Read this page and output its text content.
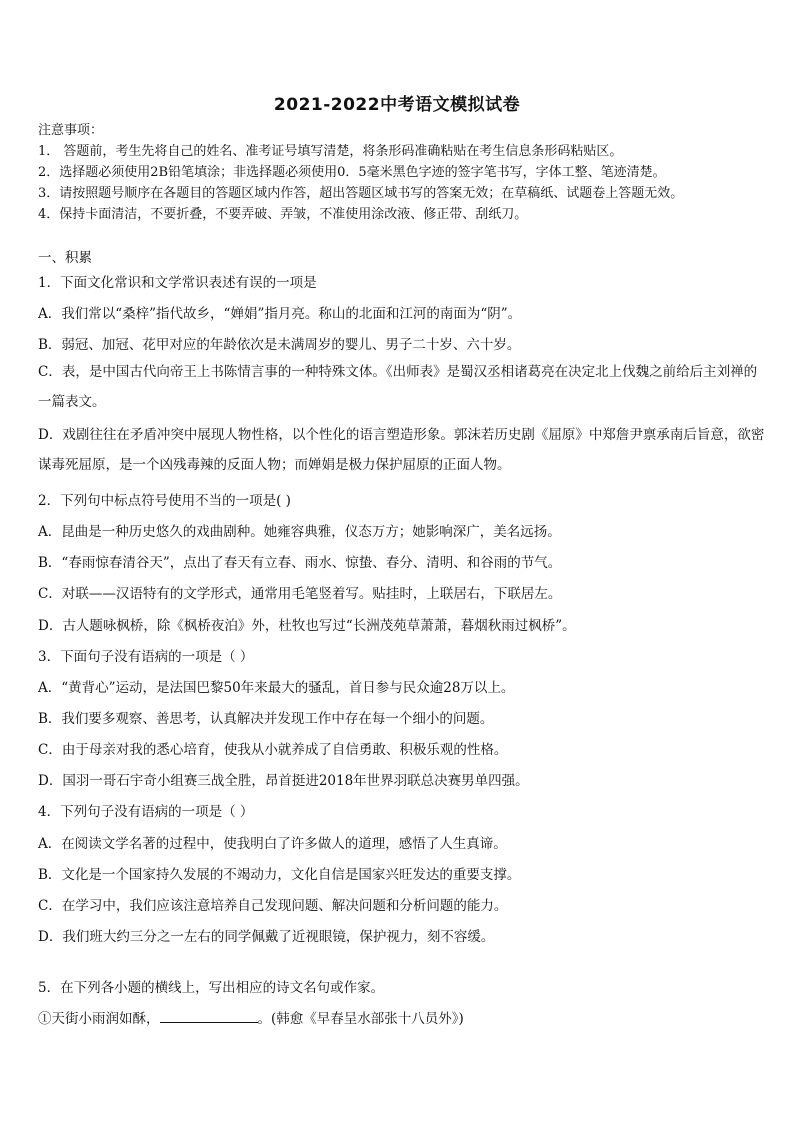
2021-2022中考语文模拟试卷
注意事项：
1． 答题前，考生先将自己的姓名、准考证号填写清楚，将条形码准确粘贴在考生信息条形码粘贴区。
2．选择题必须使用2B铅笔填涂；非选择题必须使用0．5毫米黑色字迹的签字笔书写，字体工整、笔迹清楚。
3．请按照题号顺序在各题目的答题区域内作答，超出答题区域书写的答案无效；在草稿纸、试题卷上答题无效。
4．保持卡面清洁，不要折叠，不要弄破、弄皱，不准使用涂改液、修正带、刮纸刀。
一、积累
1．下面文化常识和文学常识表述有误的一项是
A．我们常以“桑梓”指代故乡，“婵娟”指月亮。称山的北面和江河的南面为“阴”。
B．弱冠、加冠、花甲对应的年龄依次是未满周岁的婴儿、男子二十岁、六十岁。
C．表，是中国古代向帝王上书陈情言事的一种特殊文体。《出师表》是蜀汉丞相诸葛亮在决定北上伐魏之前给后主刘禅的一篇表文。
D．戏剧往往在矛盾冲突中展现人物性格，以个性化的语言塑造形象。郭沫若历史剧《屈原》中郑詹尹禀承南后旨意，欲密谋毒死屈原，是一个凶残毒辣的反面人物；而婵娟是极力保护屈原的正面人物。
2．下列句中标点符号使用不当的一项是( )
A．昆曲是一种历史悠久的戏曲剧种。她雍容典雅，仪态万方；她影响深广，美名远扬。
B．“春雨惊春清谷天”，点出了春天有立春、雨水、惊蛰、春分、清明、和谷雨的节气。
C．对联——汉语特有的文学形式，通常用毛笔竖着写。贴挂时，上联居右，下联居左。
D．古人题咏枫桥，除《枫桥夜泊》外，杜牧也写过“长洲茂苑草萧萧，暮烟秋雨过枫桥”。
3．下面句子没有语病的一项是（ ）
A．“黄背心”运动，是法国巴黎50年来最大的骚乱，首日参与民众逾28万以上。
B．我们要多观察、善思考，认真解决并发现工作中存在每一个细小的问题。
C．由于母亲对我的悉心培育，使我从小就养成了自信勇敢、积极乐观的性格。
D．国羽一哥石宇奇小组赛三战全胜，昂首挺进2018年世界羽联总决赛男单四强。
4．下列句子没有语病的一项是（ ）
A．在阅读文学名著的过程中，使我明白了许多做人的道理，感悟了人生真谛。
B．文化是一个国家持久发展的不竭动力，文化自信是国家兴旺发达的重要支撑。
C．在学习中，我们应该注意培养自己发现问题、解决问题和分析问题的能力。
D．我们班大约三分之一左右的同学佩戴了近视眼镜，保护视力，刻不容缓。
5．在下列各小题的横线上，写出相应的诗文名句或作家。
①天街小雨润如酥，	。(韩愈《早春呈水部张十八员外》)
